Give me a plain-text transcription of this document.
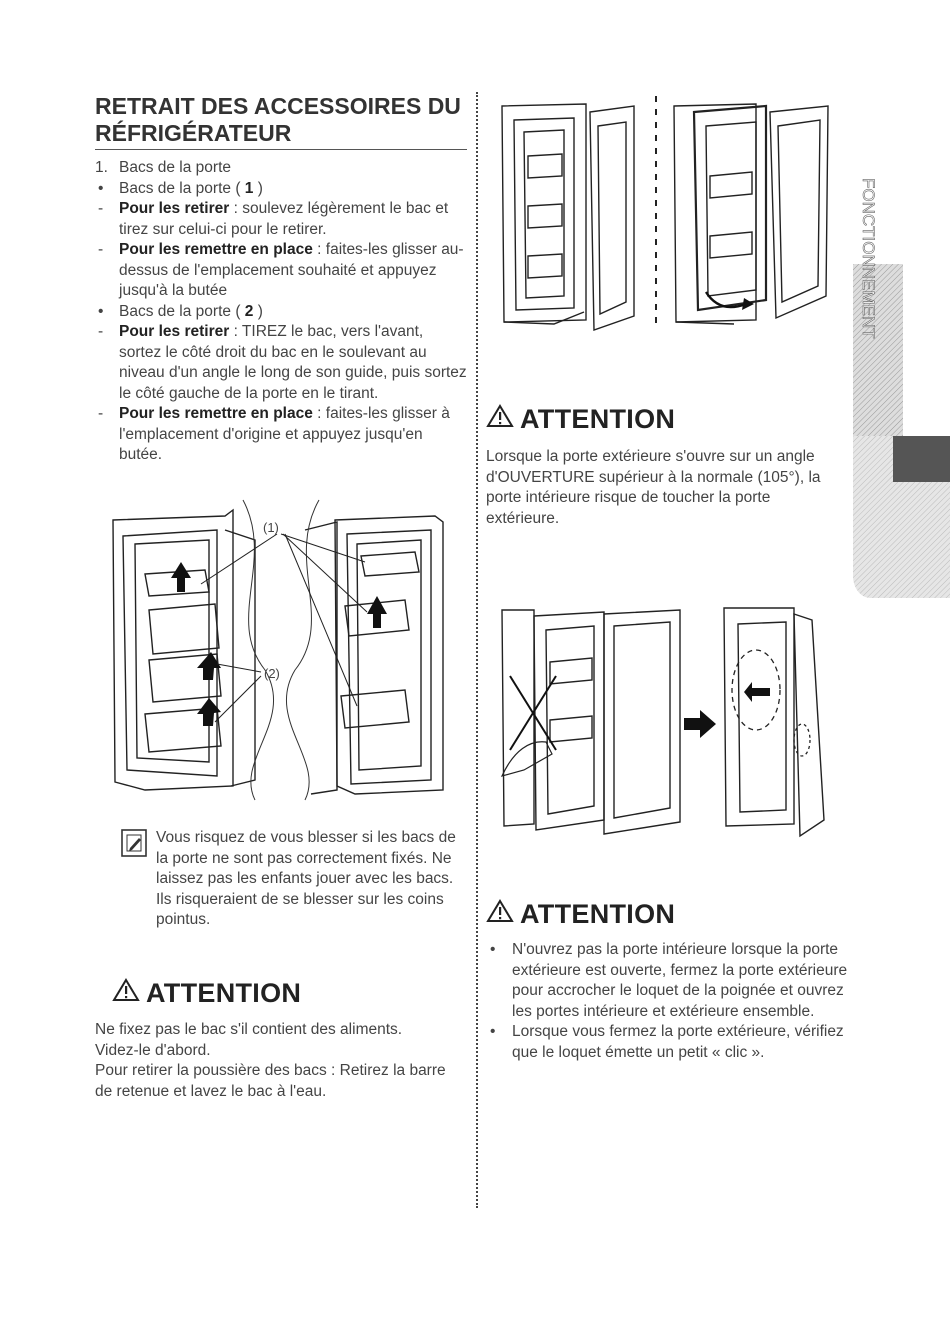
RETRAIT DES ACCESSOIRES DU RÉFRIGÉRATEUR
1. Bacs de la porte
•	Bacs de la porte ( 1 )
-	Pour les retirer : soulevez légèrement le bac et tirez sur celui-ci pour le retirer.
-	Pour les remettre en place : faites-les glisser au-dessus de l'emplacement souhaité et appuyez jusqu'à la butée
•	Bacs de la porte ( 2 )
-	Pour les retirer : TIREZ le bac, vers l'avant, sortez le côté droit du bac en le soulevant au niveau d'un angle le long de son guide, puis sortez le côté gauche de la porte en le tirant.
-	Pour les remettre en place : faites-les glisser à l'emplacement d'origine et appuyez jusqu'en butée.
(1)
(2)
Vous risquez de vous blesser si les bacs de la porte ne sont pas correctement fixés. Ne laissez pas les enfants jouer avec les bacs. Ils risqueraient de se blesser sur les coins pointus.
ATTENTION
Ne fixez pas le bac s'il contient des aliments.
Videz-le d'abord.
Pour retirer la poussière des bacs : Retirez la barre de retenue et lavez le bac à l'eau.
ATTENTION
Lorsque la porte extérieure s'ouvre sur un angle d'OUVERTURE supérieur à la normale (105°), la porte intérieure risque de toucher la porte extérieure.
ATTENTION
• N'ouvrez pas la porte intérieure lorsque la porte extérieure est ouverte, fermez la porte extérieure pour accrocher le loquet de la poignée et ouvrez les portes intérieure et extérieure ensemble.
• Lorsque vous fermez la porte extérieure, vérifiez que le loquet émette un petit « clic ».
FONCTIONNEMENT
